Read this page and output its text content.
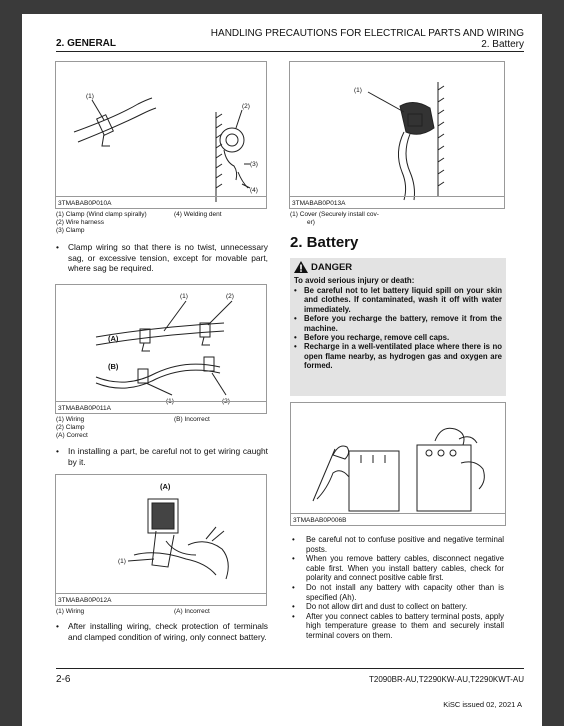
HANDLING PRECAUTIONS FOR ELECTRICAL PARTS AND WIRING
2. Battery
2. GENERAL
(1)
(2)
(3)
(4)
3TMABAB0P010A
(1) Clamp (Wind clamp spirally)	(4) Welding dent
(2) Wire harness
(3) Clamp
(1)
3TMABAB0P013A
(1) Cover (Securely install cov-
er)
•	Clamp wiring so that there is no twist, unnecessary sag, or excessive tension, except for movable part, where sag be required.
(1)	(2)
(A)
(B)
(1)	(2)
3TMABAB0P011A
(1) Wiring	(B) Incorrect
(2) Clamp
(A) Correct
•	In installing a part, be careful not to get wiring caught by it.
(A)
(1)
3TMABAB0P012A
(1) Wiring	(A) Incorrect
•	After installing wiring, check protection of terminals and clamped condition of wiring, only connect battery.
2. Battery
DANGER
To avoid serious injury or death:
• Be careful not to let battery liquid spill on your skin and clothes. If contaminated, wash it off with water immediately.
• Before you recharge the battery, remove it from the machine.
• Before you recharge, remove cell caps.
• Recharge in a well-ventilated place where there is no open flame nearby, as hydrogen gas and oxygen are formed.
3TMABAB0P006B
•	Be careful not to confuse positive and negative terminal posts.
•	When you remove battery cables, disconnect negative cable first. When you install battery cables, check for polarity and connect positive cable first.
•	Do not install any battery with capacity other than is specified (Ah).
•	Do not allow dirt and dust to collect on battery.
•	After you connect cables to battery terminal posts, apply high temperature grease to them and securely install terminal covers on them.
2-6	T2090BR-AU,T2290KW-AU,T2290KWT-AU
KiSC issued 02, 2021 A
